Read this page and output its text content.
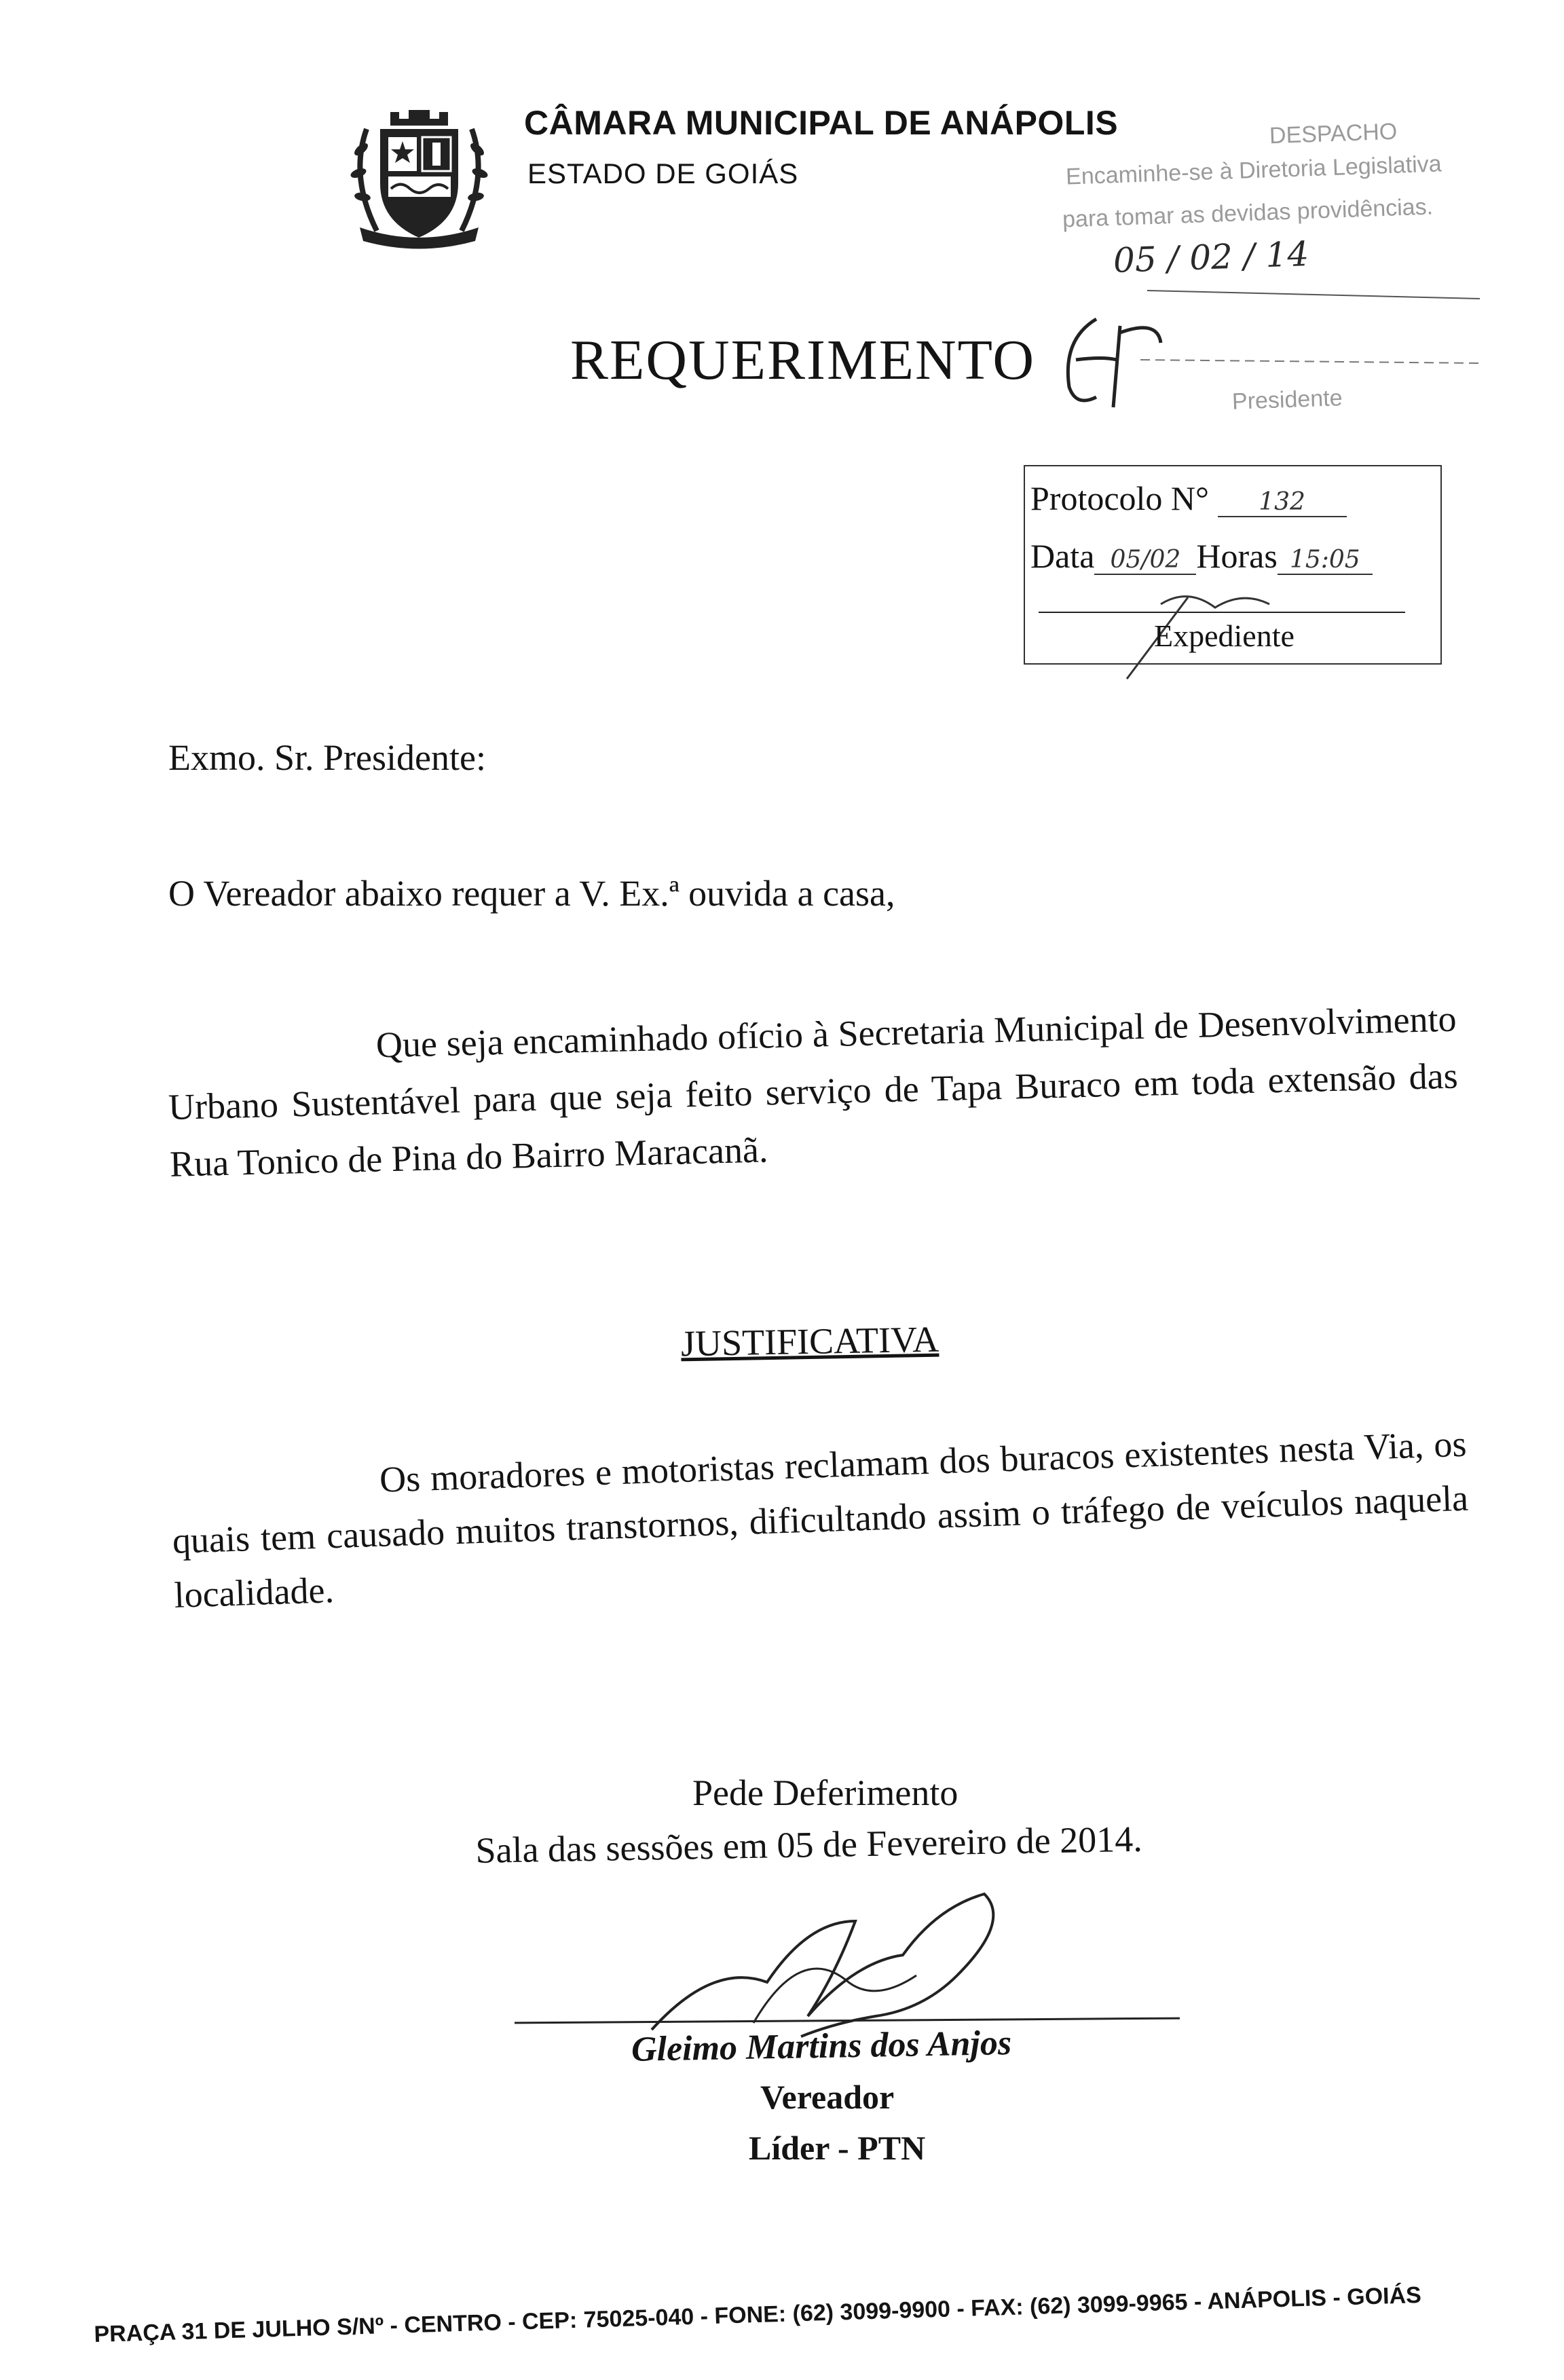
CÂMARA MUNICIPAL DE ANÁPOLIS
ESTADO DE GOIÁS
REQUERIMENTO
DESPACHO
Encaminhe-se à Diretoria Legislativa
para tomar as devidas providências.
05 / 02 / 14
Presidente
Protocolo N° 132
Data 05/02 Horas 15:05
Expediente
Exmo. Sr. Presidente:
O Vereador abaixo requer a V. Ex.ª ouvida a casa,
Que seja encaminhado ofício à Secretaria Municipal de Desenvolvimento Urbano Sustentável para que seja feito serviço de Tapa Buraco em toda extensão das Rua Tonico de Pina do Bairro Maracanã.
JUSTIFICATIVA
Os moradores e motoristas reclamam dos buracos existentes nesta Via, os quais tem causado muitos transtornos, dificultando assim o tráfego de veículos naquela localidade.
Pede Deferimento
Sala das sessões em 05 de Fevereiro de 2014.
Gleimo Martins dos Anjos
Vereador
Líder - PTN
PRAÇA 31 DE JULHO S/Nº - CENTRO - CEP: 75025-040 - FONE: (62) 3099-9900 - FAX: (62) 3099-9965 - ANÁPOLIS - GOIÁS
